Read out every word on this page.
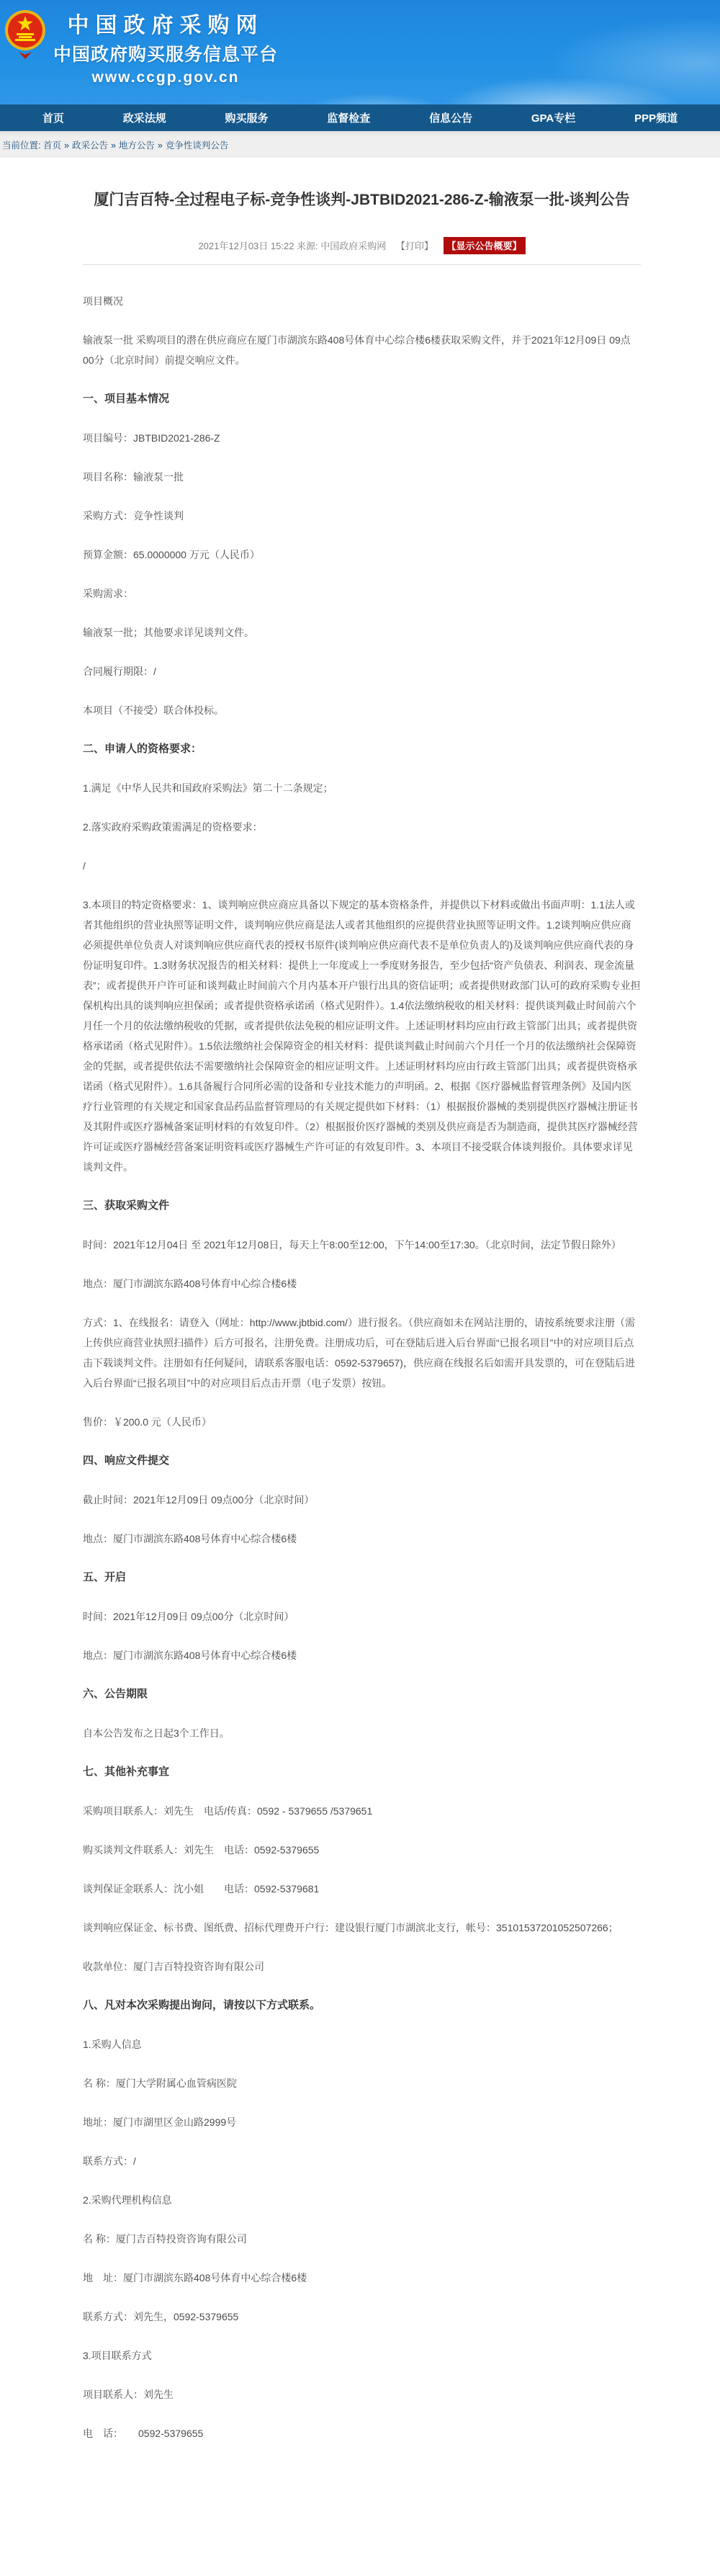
中国政府采购网
中国政府购买服务信息平台
www.ccgp.gov.cn
首页	政采法规	购买服务	监督检查	信息公告	GPA专栏	PPP频道
当前位置: 首页 » 政采公告 » 地方公告 » 竞争性谈判公告
厦门吉百特-全过程电子标-竞争性谈判-JBTBID2021-286-Z-输液泵一批-谈判公告
2021年12月03日 15:22 来源: 中国政府采购网 【打印】 【显示公告概要】

项目概况

输液泵一批 采购项目的潜在供应商应在厦门市湖滨东路408号体育中心综合楼6楼获取采购文件，并于2021年12月09日 09点00分（北京时间）前提交响应文件。

一、项目基本情况

项目编号：JBTBID2021-286-Z

项目名称：输液泵一批

采购方式：竞争性谈判

预算金额：65.0000000 万元（人民币）

采购需求：

输液泵一批；其他要求详见谈判文件。

合同履行期限：/

本项目（不接受）联合体投标。

二、申请人的资格要求：

1.满足《中华人民共和国政府采购法》第二十二条规定；

2.落实政府采购政策需满足的资格要求：

/

3.本项目的特定资格要求：1、谈判响应供应商应具备以下规定的基本资格条件，并提供以下材料或做出书面声明：1.1法人或者其他组织的营业执照等证明文件，谈判响应供应商是法人或者其他组织的应提供营业执照等证明文件。1.2谈判响应供应商必须提供单位负责人对谈判响应供应商代表的授权书原件(谈判响应供应商代表不是单位负责人的)及谈判响应供应商代表的身份证明复印件。1.3财务状况报告的相关材料：提供上一年度或上一季度财务报告，至少包括“资产负债表、利润表、现金流量表”；或者提供开户许可证和谈判截止时间前六个月内基本开户银行出具的资信证明；或者提供财政部门认可的政府采购专业担保机构出具的谈判响应担保函；或者提供资格承诺函（格式见附件）。1.4依法缴纳税收的相关材料：提供谈判截止时间前六个月任一个月的依法缴纳税收的凭据，或者提供依法免税的相应证明文件。上述证明材料均应由行政主管部门出具；或者提供资格承诺函（格式见附件）。1.5依法缴纳社会保障资金的相关材料：提供谈判截止时间前六个月任一个月的依法缴纳社会保障资金的凭据，或者提供依法不需要缴纳社会保障资金的相应证明文件。上述证明材料均应由行政主管部门出具；或者提供资格承诺函（格式见附件）。1.6具备履行合同所必需的设备和专业技术能力的声明函。2、根据《医疗器械监督管理条例》及国内医疗行业管理的有关规定和国家食品药品监督管理局的有关规定提供如下材料：（1）根据报价器械的类别提供医疗器械注册证书及其附件或医疗器械备案证明材料的有效复印件。（2）根据报价医疗器械的类别及供应商是否为制造商，提供其医疗器械经营许可证或医疗器械经营备案证明资料或医疗器械生产许可证的有效复印件。3、本项目不接受联合体谈判报价。具体要求详见谈判文件。

三、获取采购文件

时间：2021年12月04日 至 2021年12月08日，每天上午8:00至12:00，下午14:00至17:30。（北京时间，法定节假日除外）

地点：厦门市湖滨东路408号体育中心综合楼6楼

方式：1、在线报名：请登入（网址：http://www.jbtbid.com/）进行报名。（供应商如未在网站注册的，请按系统要求注册（需上传供应商营业执照扫描件）后方可报名，注册免费。注册成功后，可在登陆后进入后台界面“已报名项目”中的对应项目后点击下载谈判文件。注册如有任何疑问，请联系客服电话：0592-5379657)，供应商在线报名后如需开具发票的，可在登陆后进入后台界面“已报名项目”中的对应项目后点击开票（电子发票）按钮。

售价：￥200.0 元（人民币）

四、响应文件提交

截止时间：2021年12月09日 09点00分（北京时间）

地点：厦门市湖滨东路408号体育中心综合楼6楼

五、开启

时间：2021年12月09日 09点00分（北京时间）

地点：厦门市湖滨东路408号体育中心综合楼6楼

六、公告期限

自本公告发布之日起3个工作日。

七、其他补充事宜

采购项目联系人：刘先生　电话/传真：0592 - 5379655 /5379651

购买谈判文件联系人：刘先生　电话：0592-5379655

谈判保证金联系人：沈小姐　　电话：0592-5379681

谈判响应保证金、标书费、图纸费、招标代理费开户行：建设银行厦门市湖滨北支行，帐号：35101537201052507266；

收款单位：厦门吉百特投资咨询有限公司

八、凡对本次采购提出询问，请按以下方式联系。

1.采购人信息

名 称：厦门大学附属心血管病医院

地址：厦门市湖里区金山路2999号

联系方式：/

2.采购代理机构信息

名 称：厦门吉百特投资咨询有限公司

地　址：厦门市湖滨东路408号体育中心综合楼6楼

联系方式：刘先生，0592-5379655

3.项目联系方式

项目联系人：刘先生

电　话：　　0592-5379655
